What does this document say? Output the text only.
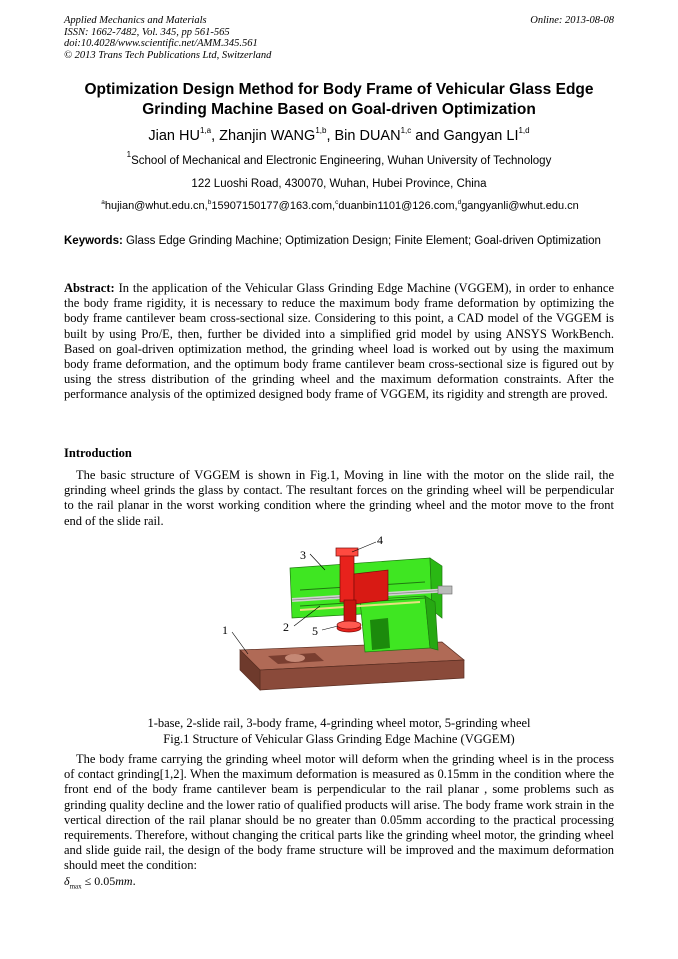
Applied Mechanics and Materials
ISSN: 1662-7482, Vol. 345, pp 561-565
doi:10.4028/www.scientific.net/AMM.345.561
© 2013 Trans Tech Publications Ltd, Switzerland
Online: 2013-08-08
Optimization Design Method for Body Frame of Vehicular Glass Edge Grinding Machine Based on Goal-driven Optimization
Jian HU$^{1,a}$, Zhanjin WANG$^{1,b}$, Bin DUAN$^{1,c}$ and Gangyan LI$^{1,d}$
$^1$School of Mechanical and Electronic Engineering, Wuhan University of Technology
122 Luoshi Road, 430070, Wuhan, Hubei Province, China
$^a$hujian@whut.edu.cn,$^b$15907150177@163.com,$^c$duanbin1101@126.com,$^d$gangyanli@whut.edu.cn
Keywords: Glass Edge Grinding Machine; Optimization Design; Finite Element; Goal-driven Optimization
Abstract: In the application of the Vehicular Glass Grinding Edge Machine (VGGEM), in order to enhance the body frame rigidity, it is necessary to reduce the maximum body frame deformation by optimizing the body frame cantilever beam cross-sectional size. Considering to this point, a CAD model of the VGGEM is built by using Pro/E, then, further be divided into a simplified grid model by using ANSYS WorkBench. Based on goal-driven optimization method, the grinding wheel load is worked out by using the maximum body frame deformation, and the optimum body frame cantilever beam cross-sectional size is figured out by using the stress distribution of the grinding wheel and the maximum deformation constraints. After the performance analysis of the optimized designed body frame of VGGEM, its rigidity and strength are proved.
Introduction
The basic structure of VGGEM is shown in Fig.1, Moving in line with the motor on the slide rail, the grinding wheel grinds the glass by contact. The resultant forces on the grinding wheel will be perpendicular to the rail planar in the worst working condition where the grinding wheel and the motor move to the front end of the slide rail.
1	2
3
4
5
1-base, 2-slide rail, 3-body frame, 4-grinding wheel motor, 5-grinding wheel
Fig.1 Structure of Vehicular Glass Grinding Edge Machine (VGGEM)
The body frame carrying the grinding wheel motor will deform when the grinding wheel is in the process of contact grinding[1,2]. When the maximum deformation is measured as 0.15mm in the condition where the front end of the body frame cantilever beam is perpendicular to the rail planar , some problems such as grinding quality decline and the lower ratio of qualified products will arise. The body frame work strain in the vertical direction of the rail planar should be no greater than 0.05mm according to the practical processing requirements. Therefore, without changing the critical parts like the grinding wheel motor, the grinding wheel and slide guide rail, the design of the body frame structure will be improved and the maximum deformation should meet the condition:
$\delta_{max} \le 0.05mm$.
